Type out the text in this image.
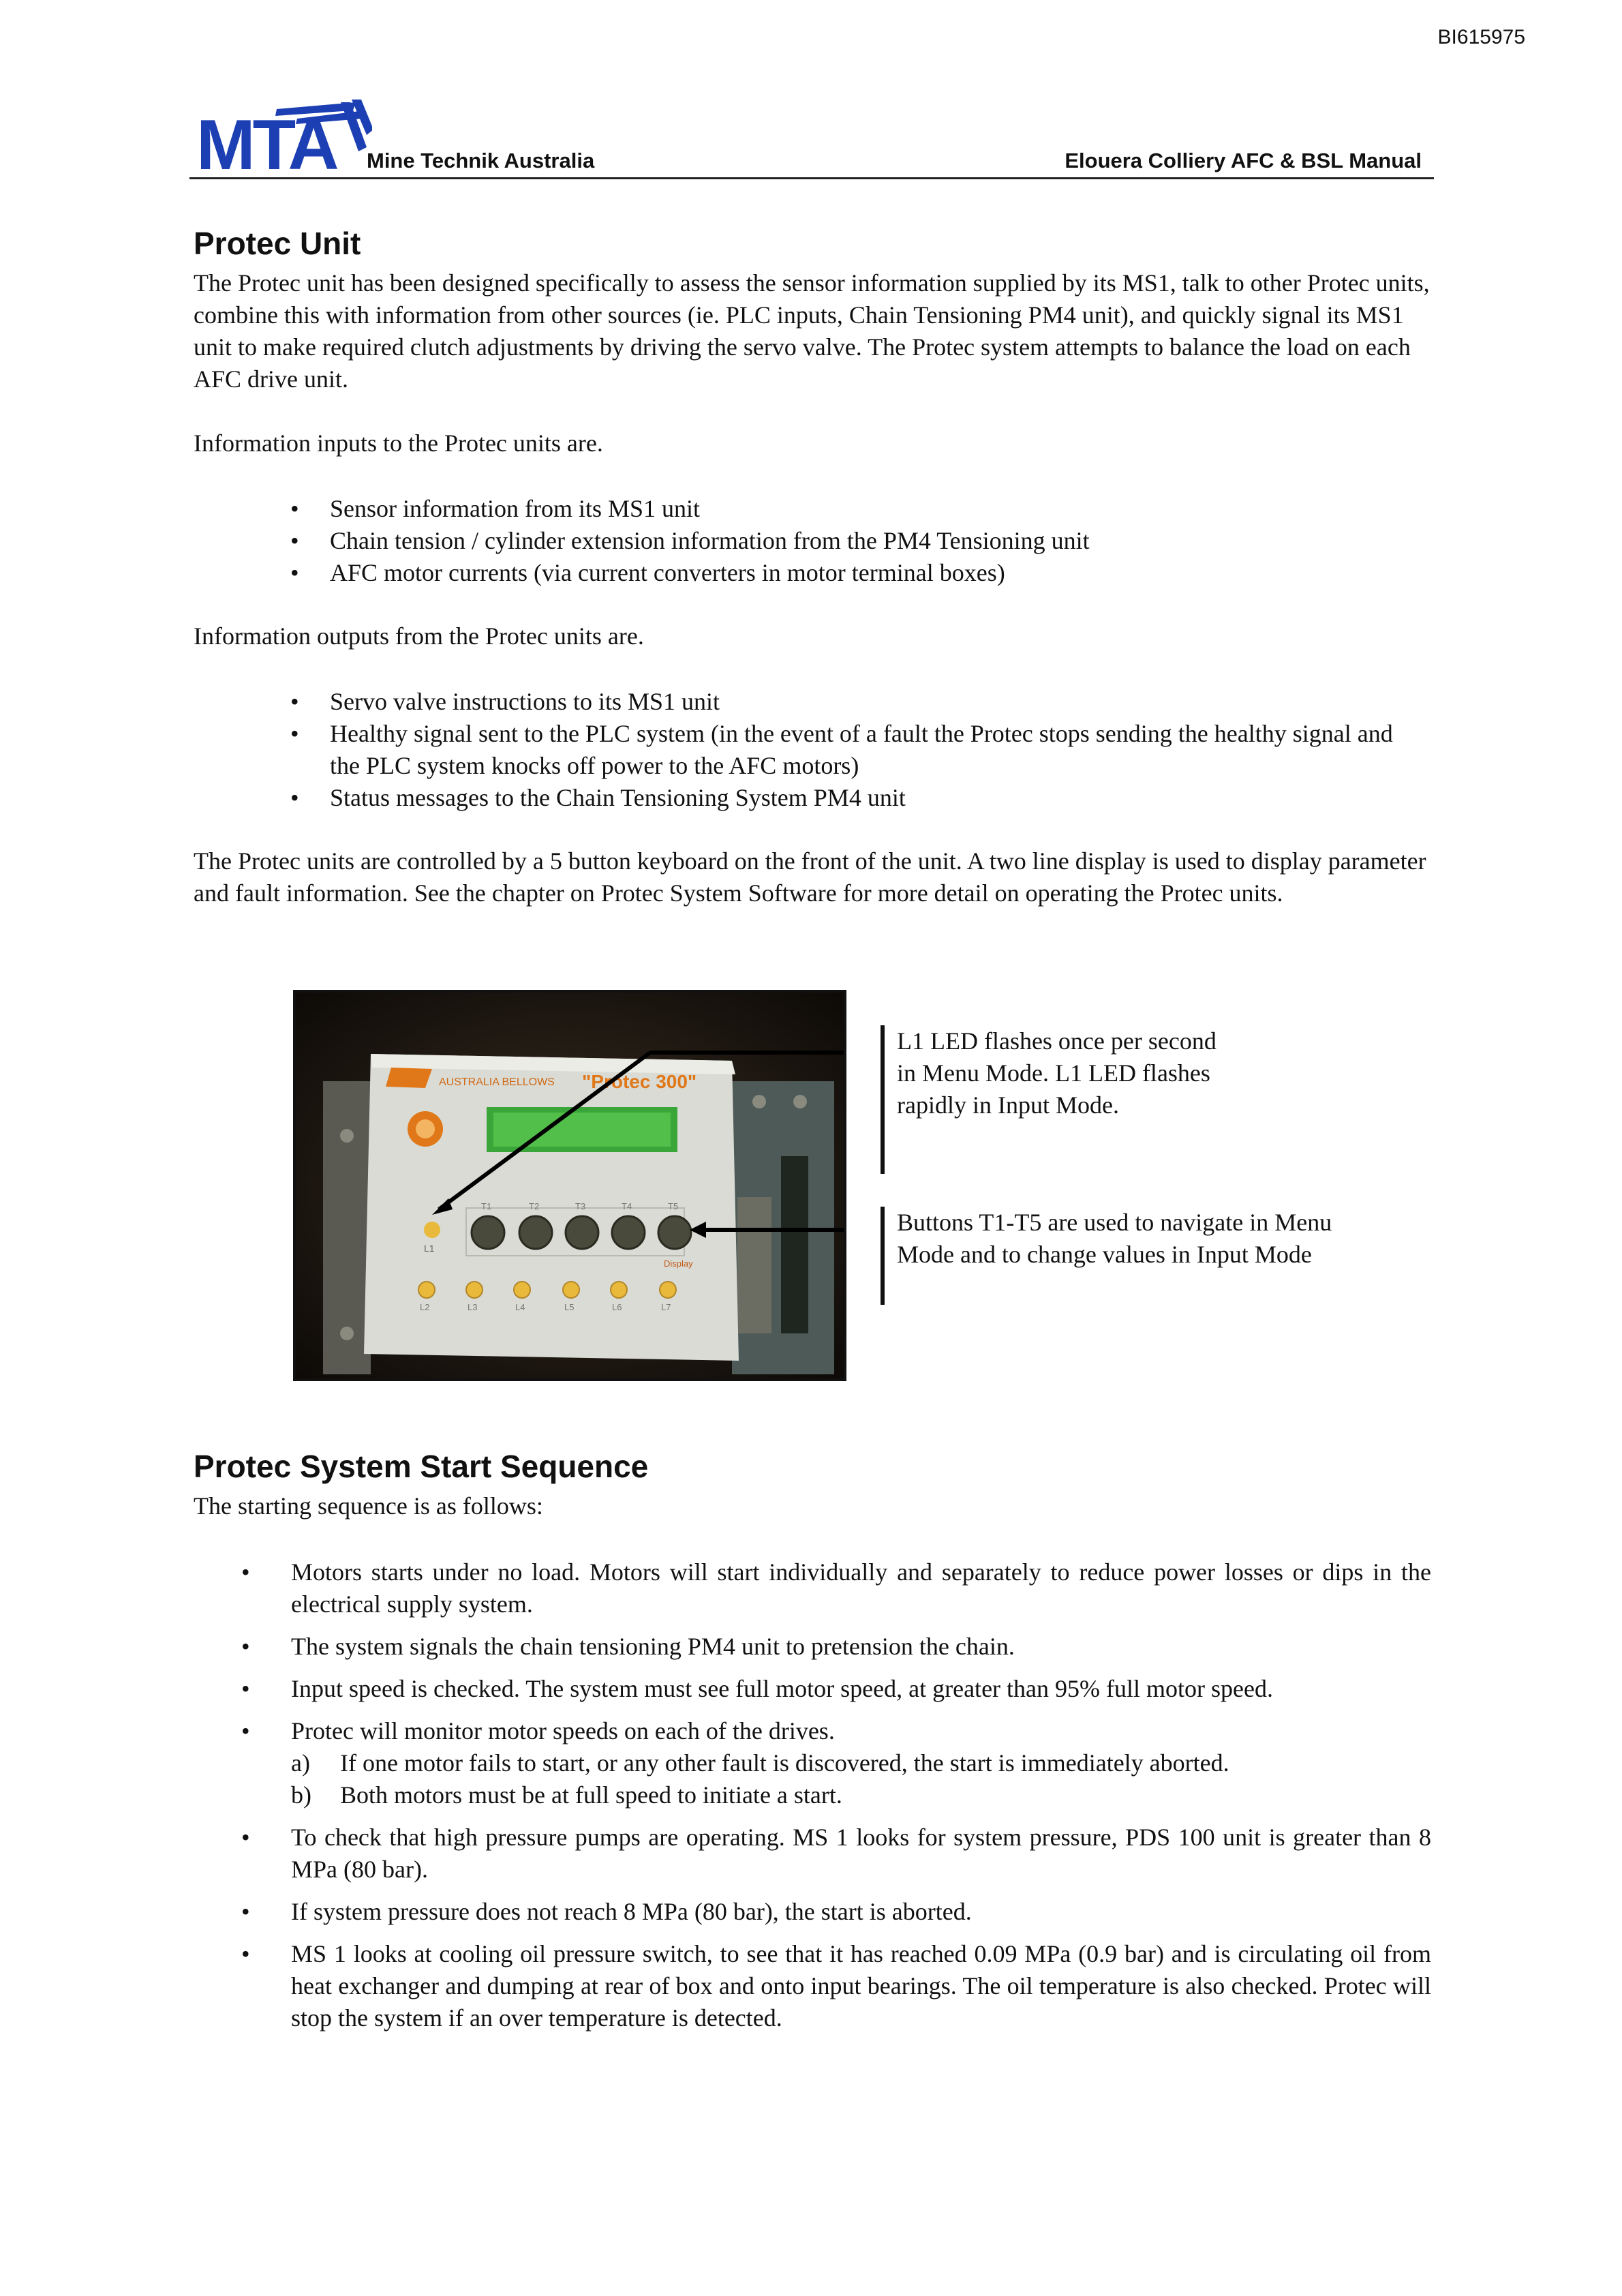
BI615975
MTA Mine Technik Australia	Elouera Colliery AFC & BSL Manual
Protec Unit

The Protec unit has been designed specifically to assess the sensor information supplied by its MS1, talk to other Protec units, combine this with information from other sources (ie. PLC inputs, Chain Tensioning PM4 unit), and quickly signal its MS1 unit to make required clutch adjustments by driving the servo valve. The Protec system attempts to balance the load on each AFC drive unit.

Information inputs to the Protec units are.

• Sensor information from its MS1 unit
• Chain tension / cylinder extension information from the PM4 Tensioning unit
• AFC motor currents (via current converters in motor terminal boxes)

Information outputs from the Protec units are.

• Servo valve instructions to its MS1 unit
• Healthy signal sent to the PLC system (in the event of a fault the Protec stops sending the healthy signal and the PLC system knocks off power to the AFC motors)
• Status messages to the Chain Tensioning System PM4 unit

The Protec units are controlled by a 5 button keyboard on the front of the unit. A two line display is used to display parameter and fault information. See the chapter on Protec System Software for more detail on operating the Protec units.

AUSTRALIA BELLOWS "Protec 300"
L1
T1	T2	T3	T4	T5
Display
L2	L3	L4	L5	L6	L7
L1 LED flashes once per second in Menu Mode. L1 LED flashes rapidly in Input Mode.
Buttons T1-T5 are used to navigate in Menu Mode and to change values in Input Mode
Protec System Start Sequence

The starting sequence is as follows:

• Motors starts under no load. Motors will start individually and separately to reduce power losses or dips in the electrical supply system.
• The system signals the chain tensioning PM4 unit to pretension the chain.
• Input speed is checked. The system must see full motor speed, at greater than 95% full motor speed.
• Protec will monitor motor speeds on each of the drives.
a)	If one motor fails to start, or any other fault is discovered, the start is immediately aborted.
b)	Both motors must be at full speed to initiate a start.
• To check that high pressure pumps are operating. MS 1 looks for system pressure, PDS 100 unit is greater than 8 MPa (80 bar).
• If system pressure does not reach 8 MPa (80 bar), the start is aborted.
• MS 1 looks at cooling oil pressure switch, to see that it has reached 0.09 MPa (0.9 bar) and is circulating oil from heat exchanger and dumping at rear of box and onto input bearings. The oil temperature is also checked. Protec will stop the system if an over temperature is detected.
